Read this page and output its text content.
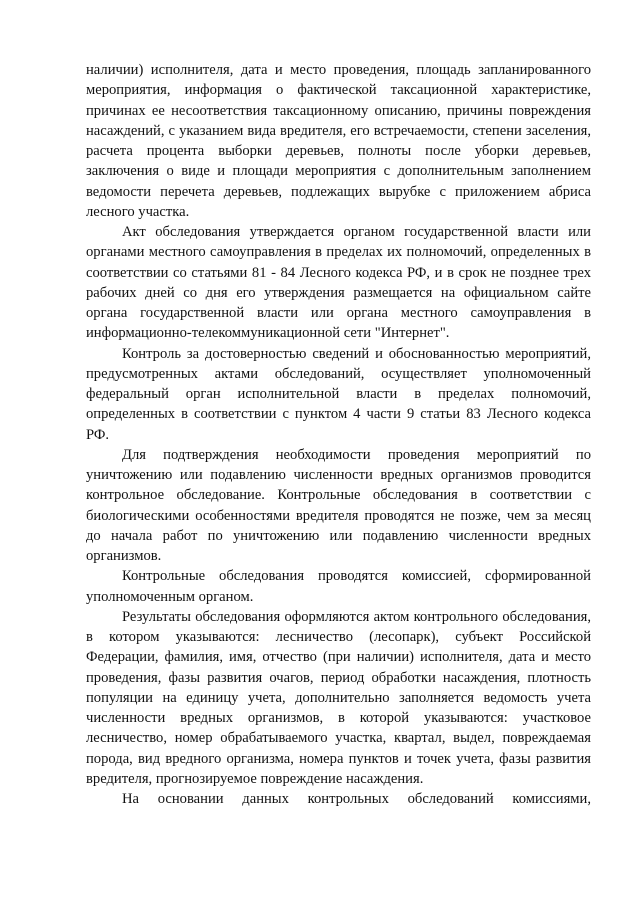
наличии) исполнителя, дата и место проведения, площадь запланированного мероприятия, информация о фактической таксационной характеристике, причинах ее несоответствия таксационному описанию, причины повреждения насаждений, с указанием вида вредителя, его встречаемости, степени заселения, расчета процента выборки деревьев, полноты после уборки деревьев, заключения о виде и площади мероприятия с дополнительным заполнением ведомости перечета деревьев, подлежащих вырубке с приложением абриса лесного участка.

Акт обследования утверждается органом государственной власти или органами местного самоуправления в пределах их полномочий, определенных в соответствии со статьями 81 - 84 Лесного кодекса РФ, и в срок не позднее трех рабочих дней со дня его утверждения размещается на официальном сайте органа государственной власти или органа местного самоуправления в информационно-телекоммуникационной сети "Интернет".

Контроль за достоверностью сведений и обоснованностью мероприятий, предусмотренных актами обследований, осуществляет уполномоченный федеральный орган исполнительной власти в пределах полномочий, определенных в соответствии с пунктом 4 части 9 статьи 83 Лесного кодекса РФ.

Для подтверждения необходимости проведения мероприятий по уничтожению или подавлению численности вредных организмов проводится контрольное обследование. Контрольные обследования в соответствии с биологическими особенностями вредителя проводятся не позже, чем за месяц до начала работ по уничтожению или подавлению численности вредных организмов.

Контрольные обследования проводятся комиссией, сформированной уполномоченным органом.

Результаты обследования оформляются актом контрольного обследования, в котором указываются: лесничество (лесопарк), субъект Российской Федерации, фамилия, имя, отчество (при наличии) исполнителя, дата и место проведения, фазы развития очагов, период обработки насаждения, плотность популяции на единицу учета, дополнительно заполняется ведомость учета численности вредных организмов, в которой указываются: участковое лесничество, номер обрабатываемого участка, квартал, выдел, повреждаемая порода, вид вредного организма, номера пунктов и точек учета, фазы развития вредителя, прогнозируемое повреждение насаждения.

На основании данных контрольных обследований комиссиями,
